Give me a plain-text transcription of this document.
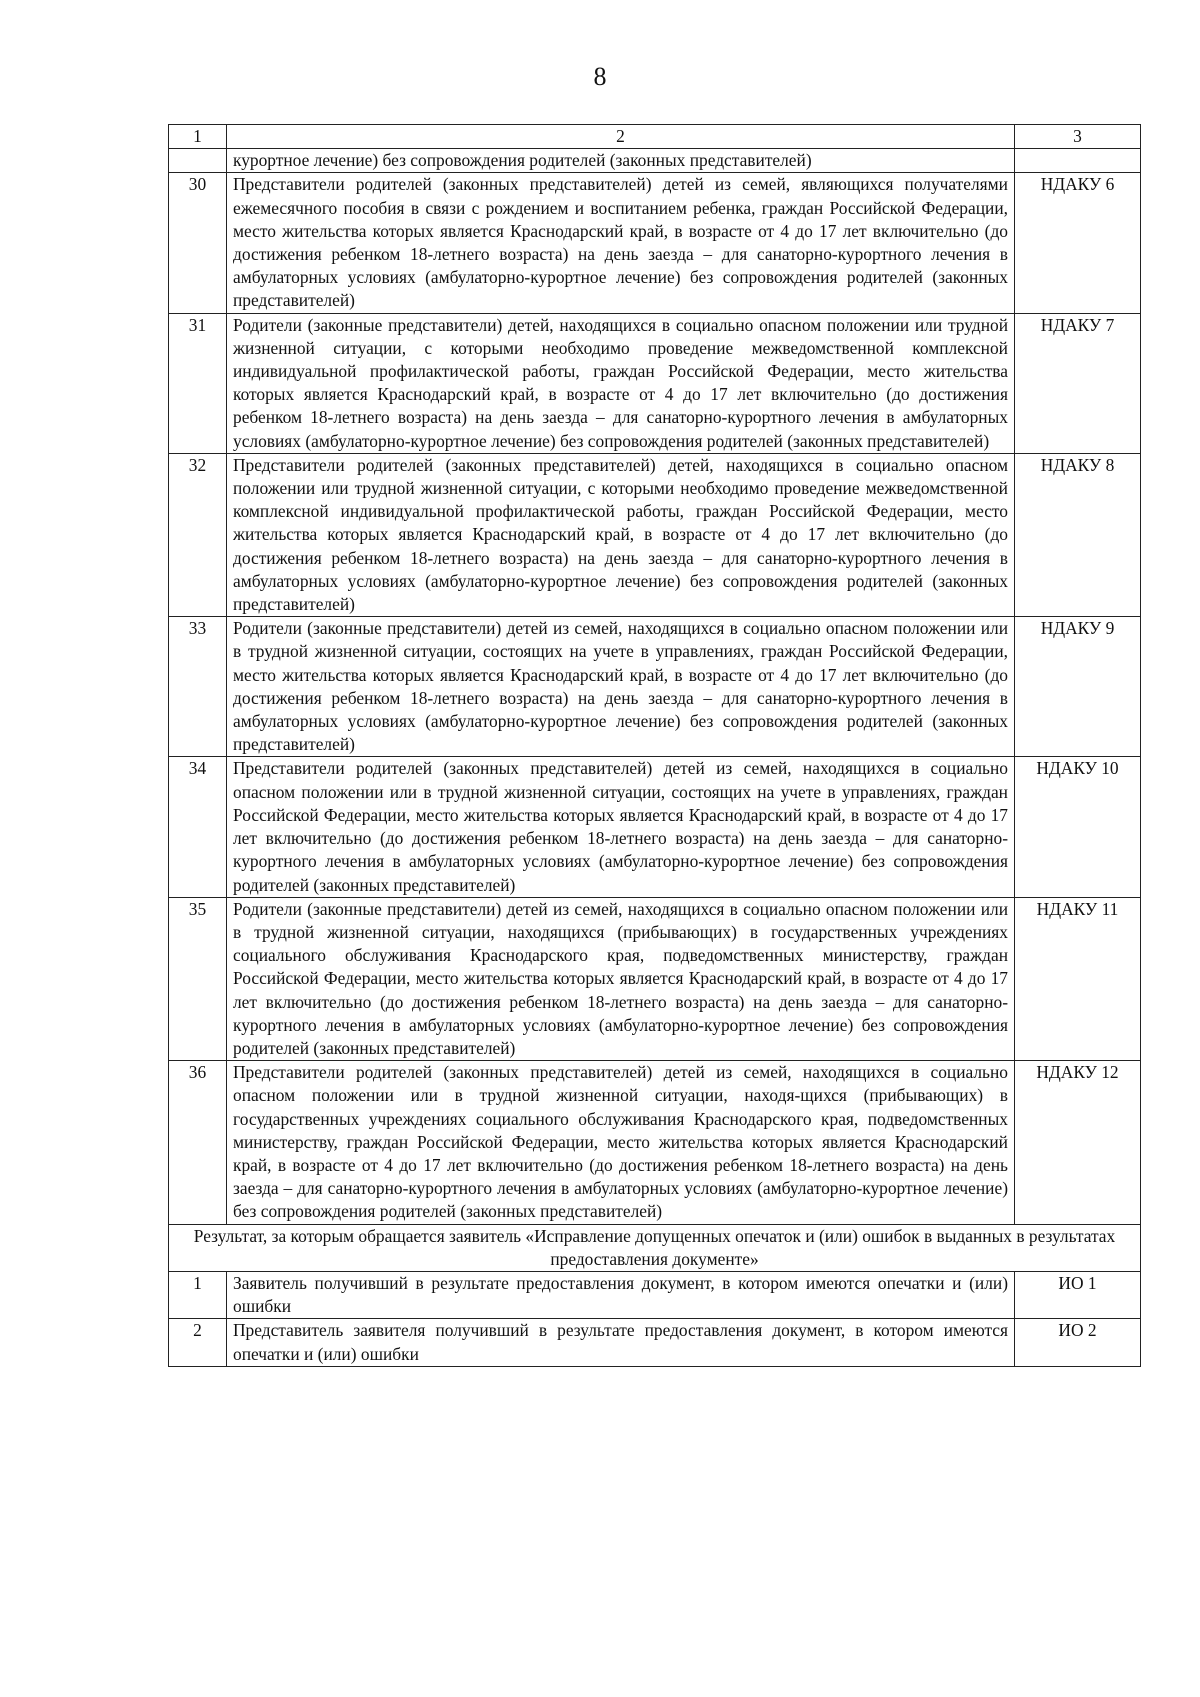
8
1	2	3
	курортное лечение) без сопровождения родителей (законных представителей)	
30	Представители родителей (законных представителей) детей из семей, являющихся получателями ежемесячного пособия в связи с рождением и воспитанием ребенка, граждан Российской Федерации, место жительства которых является Краснодарский край, в возрасте от 4 до 17 лет включительно (до достижения ребенком 18-летнего возраста) на день заезда – для санаторно-курортного лечения в амбулаторных условиях (амбулаторно-курортное лечение) без сопровождения родителей (законных представителей)	НДАКУ 6
31	Родители (законные представители) детей, находящихся в социально опасном положении или трудной жизненной ситуации, с которыми необходимо проведение межведомственной комплексной индивидуальной профилактической работы, граждан Российской Федерации, место жительства которых является Краснодарский край, в возрасте от 4 до 17 лет включительно (до достижения ребенком 18-летнего возраста) на день заезда – для санаторно-курортного лечения в амбулаторных условиях (амбулаторно-курортное лечение) без сопровождения родителей (законных представителей)	НДАКУ 7
32	Представители родителей (законных представителей) детей, находящихся в социально опасном положении или трудной жизненной ситуации, с которыми необходимо проведение межведомственной комплексной индивидуальной профилактической работы, граждан Российской Федерации, место жительства которых является Краснодарский край, в возрасте от 4 до 17 лет включительно (до достижения ребенком 18-летнего возраста) на день заезда – для санаторно-курортного лечения в амбулаторных условиях (амбулаторно-курортное лечение) без сопровождения родителей (законных представителей)	НДАКУ 8
33	Родители (законные представители) детей из семей, находящихся в социально опасном положении или в трудной жизненной ситуации, состоящих на учете в управлениях, граждан Российской Федерации, место жительства которых является Краснодарский край, в возрасте от 4 до 17 лет включительно (до достижения ребенком 18-летнего возраста) на день заезда – для санаторно-курортного лечения в амбулаторных условиях (амбулаторно-курортное лечение) без сопровождения родителей (законных представителей)	НДАКУ 9
34	Представители родителей (законных представителей) детей из семей, находящихся в социально опасном положении или в трудной жизненной ситуации, состоящих на учете в управлениях, граждан Российской Федерации, место жительства которых является Краснодарский край, в возрасте от 4 до 17 лет включительно (до достижения ребенком 18-летнего возраста) на день заезда – для санаторно-курортного лечения в амбулаторных условиях (амбулаторно-курортное лечение) без сопровождения родителей (законных представителей)	НДАКУ 10
35	Родители (законные представители) детей из семей, находящихся в социально опасном положении или в трудной жизненной ситуации, находящихся (прибывающих) в государственных учреждениях социального обслуживания Краснодарского края, подведомственных министерству, граждан Российской Федерации, место жительства которых является Краснодарский край, в возрасте от 4 до 17 лет включительно (до достижения ребенком 18-летнего возраста) на день заезда – для санаторно-курортного лечения в амбулаторных условиях (амбулаторно-курортное лечение) без сопровождения родителей (законных представителей)	НДАКУ 11
36	Представители родителей (законных представителей) детей из семей, находящихся в социально опасном положении или в трудной жизненной ситуации, находя-щихся (прибывающих) в государственных учреждениях социального обслуживания Краснодарского края, подведомственных министерству, граждан Российской Федерации, место жительства которых является Краснодарский край, в возрасте от 4 до 17 лет включительно (до достижения ребенком 18-летнего возраста) на день заезда – для санаторно-курортного лечения в амбулаторных условиях (амбулаторно-курортное лечение) без сопровождения родителей (законных представителей)	НДАКУ 12
Результат, за которым обращается заявитель «Исправление допущенных опечаток и (или) ошибок в выданных в результатах предоставления документе»		
1	Заявитель получивший в результате предоставления документ, в котором имеются опечатки и (или) ошибки	ИО 1
2	Представитель заявителя получивший в результате предоставления документ, в котором имеются опечатки и (или) ошибки	ИО 2
